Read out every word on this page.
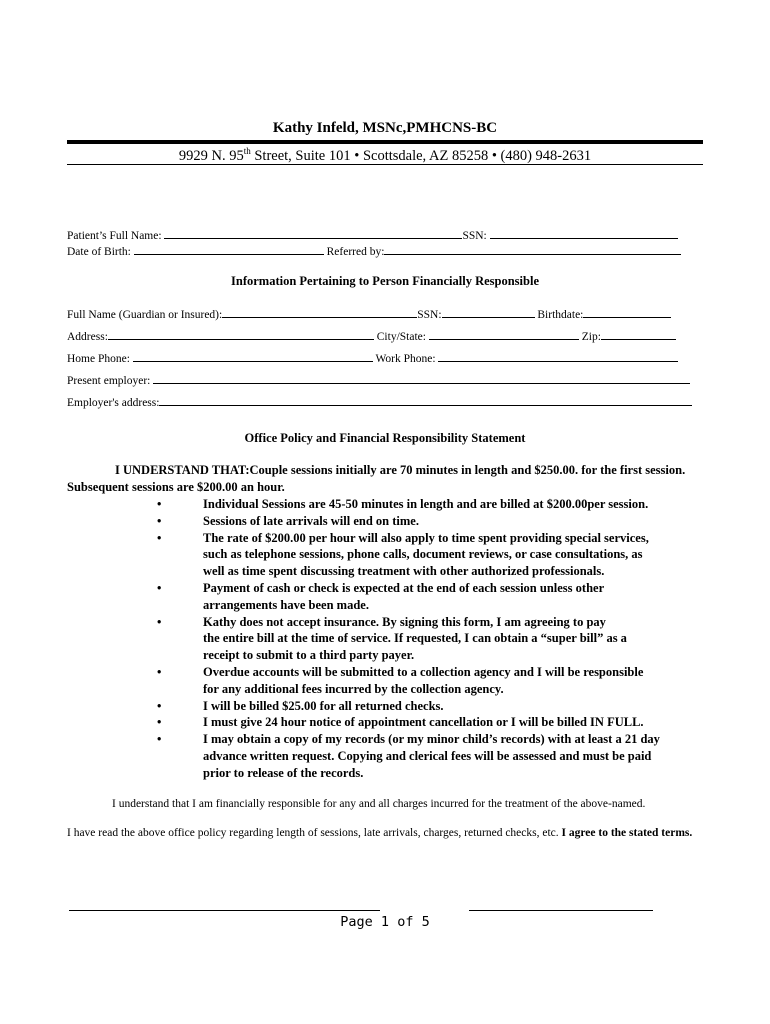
Kathy Infeld, MSNc,PMHCNS-BC
9929 N. 95th Street, Suite 101 • Scottsdale, AZ 85258 • (480) 948-2631
Patient’s Full Name:	SSN:
Date of Birth:	Referred by:
Information Pertaining to Person Financially Responsible
Full Name (Guardian or Insured):	SSN:	Birthdate:
Address:	City/State:	Zip:
Home Phone:	Work Phone:
Present employer:
Employer's address:
Office Policy and Financial Responsibility Statement
I UNDERSTAND THAT:Couple sessions initially are 70 minutes in length and $250.00. for the first session. Subsequent sessions are $200.00 an hour.
•	Individual Sessions are 45-50 minutes in length and are billed at $200.00per session.
•	Sessions of late arrivals will end on time.
•	The rate of $200.00 per hour will also apply to time spent providing special services,
such as telephone sessions, phone calls, document reviews, or case consultations, as
well as time spent discussing treatment with other authorized professionals.
•	Payment of cash or check is expected at the end of each session unless other
arrangements have been made.
•	Kathy does not accept insurance. By signing this form, I am agreeing to pay
the entire bill at the time of service. If requested, I can obtain a “super bill” as a
receipt to submit to a third party payer.
•	Overdue accounts will be submitted to a collection agency and I will be responsible
for any additional fees incurred by the collection agency.
•	I will be billed $25.00 for all returned checks.
•	I must give 24 hour notice of appointment cancellation or I will be billed IN FULL.
•	I may obtain a copy of my records (or my minor child’s records) with at least a 21 day
advance written request. Copying and clerical fees will be assessed and must be paid
prior to release of the records.
I understand that I am financially responsible for any and all charges incurred for the treatment of the above-named.
I have read the above office policy regarding length of sessions, late arrivals, charges, returned checks, etc. I agree to the stated terms.
Page 1 of 5
